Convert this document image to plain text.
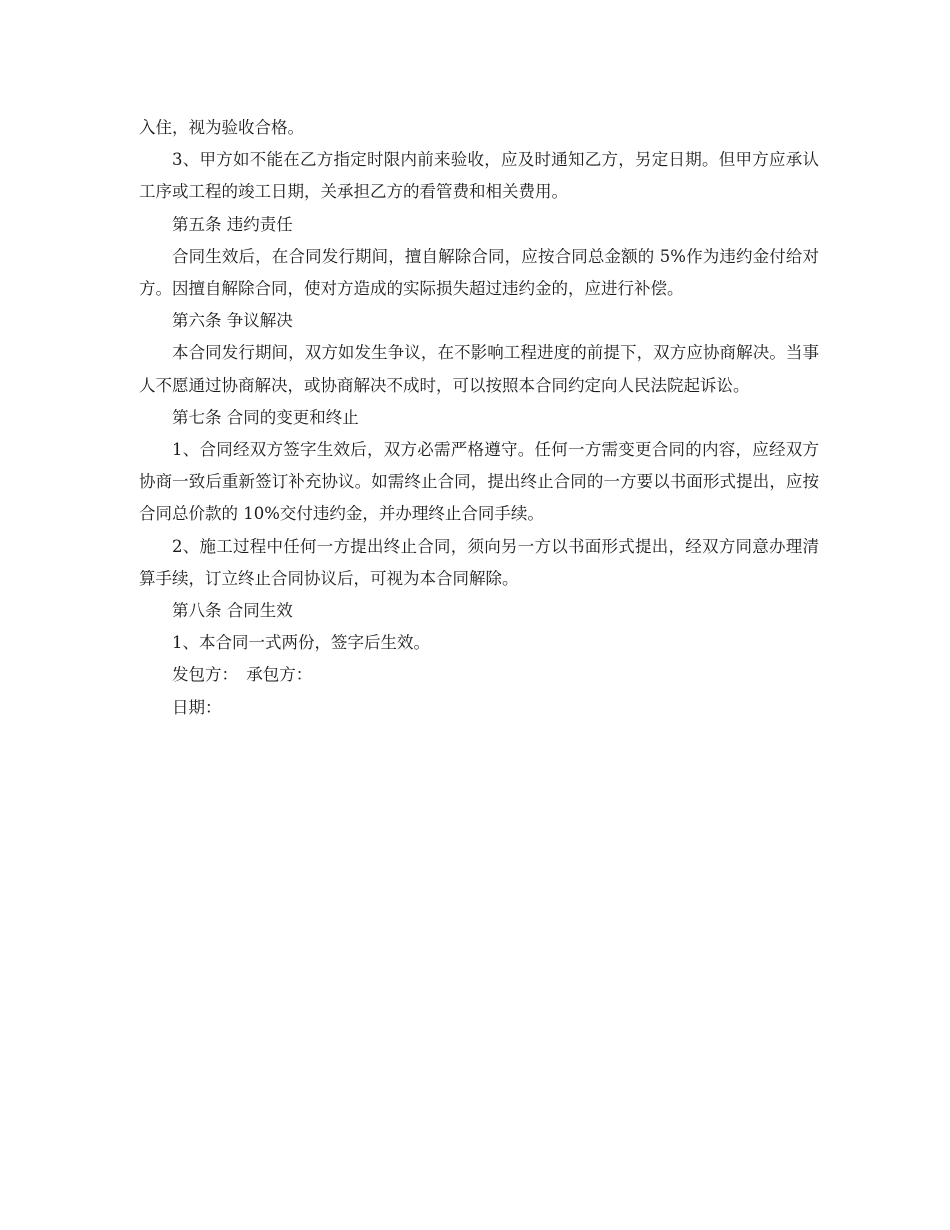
入住，视为验收合格。

3、甲方如不能在乙方指定时限内前来验收，应及时通知乙方，另定日期。但甲方应承认工序或工程的竣工日期，关承担乙方的看管费和相关费用。

第五条 违约责任

合同生效后，在合同发行期间，擅自解除合同，应按合同总金额的 5%作为违约金付给对方。因擅自解除合同，使对方造成的实际损失超过违约金的，应进行补偿。

第六条 争议解决

本合同发行期间，双方如发生争议，在不影响工程进度的前提下，双方应协商解决。当事人不愿通过协商解决，或协商解决不成时，可以按照本合同约定向人民法院起诉讼。

第七条 合同的变更和终止

1、合同经双方签字生效后，双方必需严格遵守。任何一方需变更合同的内容，应经双方协商一致后重新签订补充协议。如需终止合同，提出终止合同的一方要以书面形式提出，应按合同总价款的 10%交付违约金，并办理终止合同手续。

2、施工过程中任何一方提出终止合同，须向另一方以书面形式提出，经双方同意办理清算手续，订立终止合同协议后，可视为本合同解除。

第八条 合同生效

1、本合同一式两份，签字后生效。

发包方：　承包方：

日期：
